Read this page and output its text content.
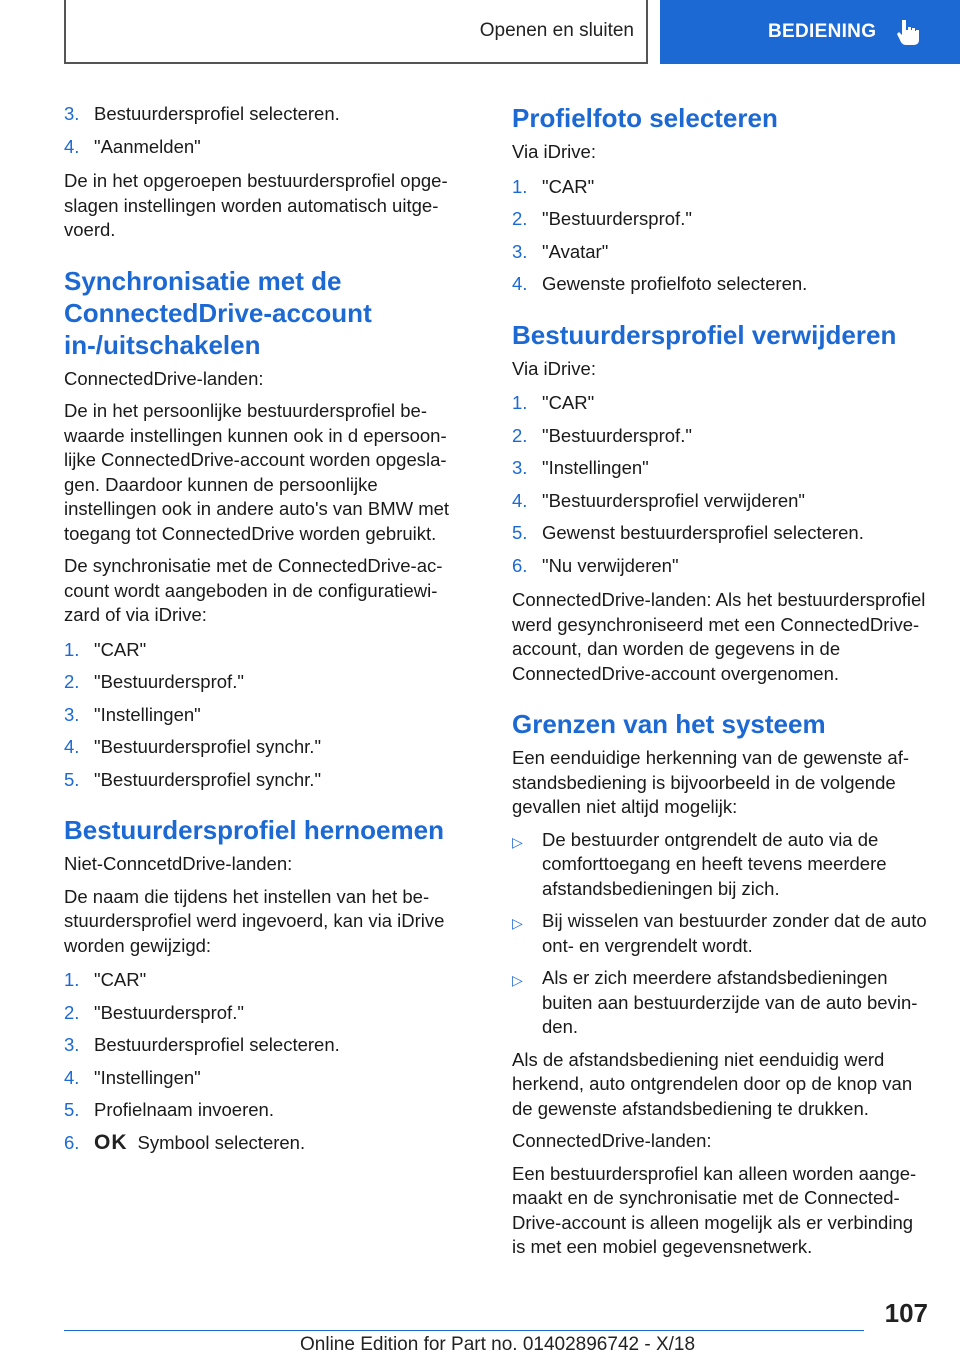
Openen en sluiten	BEDIENING
3. Bestuurdersprofiel selecteren.
4. "Aanmelden"

De in het opgeroepen bestuurdersprofiel opgeslagen instellingen worden automatisch uitgevoerd.

Synchronisatie met de ConnectedDrive-account in-/uitschakelen

ConnectedDrive-landen:

De in het persoonlijke bestuurdersprofiel bewaarde instellingen kunnen ook in d epersoonlijke ConnectedDrive-account worden opgeslagen. Daardoor kunnen de persoonlijke instellingen ook in andere auto's van BMW met toegang tot ConnectedDrive worden gebruikt.

De synchronisatie met de ConnectedDrive-account wordt aangeboden in de configuratiewizard of via iDrive:

1. "CAR"
2. "Bestuurdersprof."
3. "Instellingen"
4. "Bestuurdersprofiel synchr."
5. "Bestuurdersprofiel synchr."
Bestuurdersprofiel hernoemen

Niet-ConncetdDrive-landen:

De naam die tijdens het instellen van het bestuurdersprofiel werd ingevoerd, kan via iDrive worden gewijzigd:

1. "CAR"
2. "Bestuurdersprof."
3. Bestuurdersprofiel selecteren.
4. "Instellingen"
5. Profielnaam invoeren.
6. OK Symbool selecteren.
Profielfoto selecteren

Via iDrive:

1. "CAR"
2. "Bestuurdersprof."
3. "Avatar"
4. Gewenste profielfoto selecteren.
Bestuurdersprofiel verwijderen

Via iDrive:

1. "CAR"
2. "Bestuurdersprof."
3. "Instellingen"
4. "Bestuurdersprofiel verwijderen"
5. Gewenst bestuurdersprofiel selecteren.
6. "Nu verwijderen"

ConnectedDrive-landen: Als het bestuurdersprofiel werd gesynchroniseerd met een ConnectedDrive-account, dan worden de gegevens in de ConnectedDrive-account overgenomen.

Grenzen van het systeem

Een eenduidige herkenning van de gewenste afstandsbediening is bijvoorbeeld in de volgende gevallen niet altijd mogelijk:

▷	De bestuurder ontgrendelt de auto via de comforttoegang en heeft tevens meerdere afstandsbedieningen bij zich.
▷	Bij wisselen van bestuurder zonder dat de auto ont- en vergrendelt wordt.
▷	Als er zich meerdere afstandsbedieningen buiten aan bestuurderzijde van de auto bevinden.

Als de afstandsbediening niet eenduidig werd herkend, auto ontgrendelen door op de knop van de gewenste afstandsbediening te drukken.

ConnectedDrive-landen:

Een bestuurdersprofiel kan alleen worden aangemaakt en de synchronisatie met de ConnectedDrive-account is alleen mogelijk als er verbinding is met een mobiel gegevensnetwerk.

107
Online Edition for Part no. 01402896742 - X/18
